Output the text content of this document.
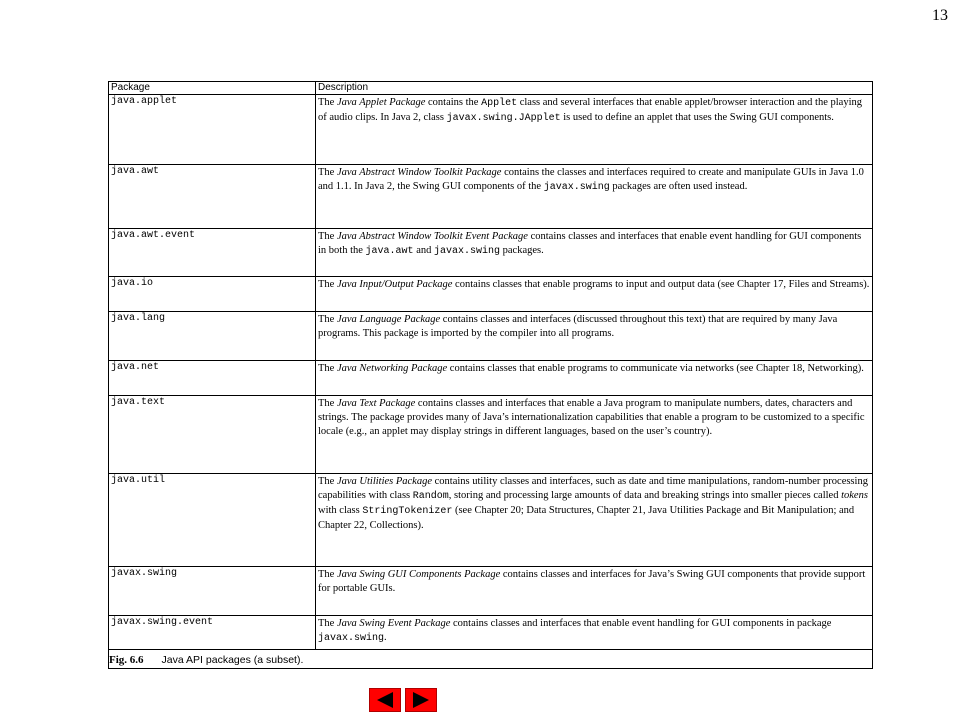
13
Package	Description
java.applet	The Java Applet Package contains the Applet class and several interfaces that enable applet/browser interaction and the playing of audio clips. In Java 2, class javax.swing.JApplet is used to define an applet that uses the Swing GUI components.
java.awt	The Java Abstract Window Toolkit Package contains the classes and interfaces required to create and manipulate GUIs in Java 1.0 and 1.1. In Java 2, the Swing GUI components of the javax.swing packages are often used instead.
java.awt.event	The Java Abstract Window Toolkit Event Package contains classes and interfaces that enable event handling for GUI components in both the java.awt and javax.swing packages.
java.io	The Java Input/Output Package contains classes that enable programs to input and output data (see Chapter 17, Files and Streams).
java.lang	The Java Language Package contains classes and interfaces (discussed throughout this text) that are required by many Java programs. This package is imported by the compiler into all programs.
java.net	The Java Networking Package contains classes that enable programs to communicate via networks (see Chapter 18, Networking).
java.text	The Java Text Package contains classes and interfaces that enable a Java program to manipulate numbers, dates, characters and strings. The package provides many of Java’s internationalization capabilities that enable a program to be customized to a specific locale (e.g., an applet may display strings in different languages, based on the user’s country).
java.util	The Java Utilities Package contains utility classes and interfaces, such as date and time manipulations, random-number processing capabilities with class Random, storing and processing large amounts of data and breaking strings into smaller pieces called tokens with class StringTokenizer (see Chapter 20; Data Structures, Chapter 21, Java Utilities Package and Bit Manipulation; and Chapter 22, Collections).
javax.swing	The Java Swing GUI Components Package contains classes and interfaces for Java’s Swing GUI components that provide support for portable GUIs.
javax.swing.event	The Java Swing Event Package contains classes and interfaces that enable event handling for GUI components in package javax.swing.
Fig. 6.6 Java API packages (a subset).	
